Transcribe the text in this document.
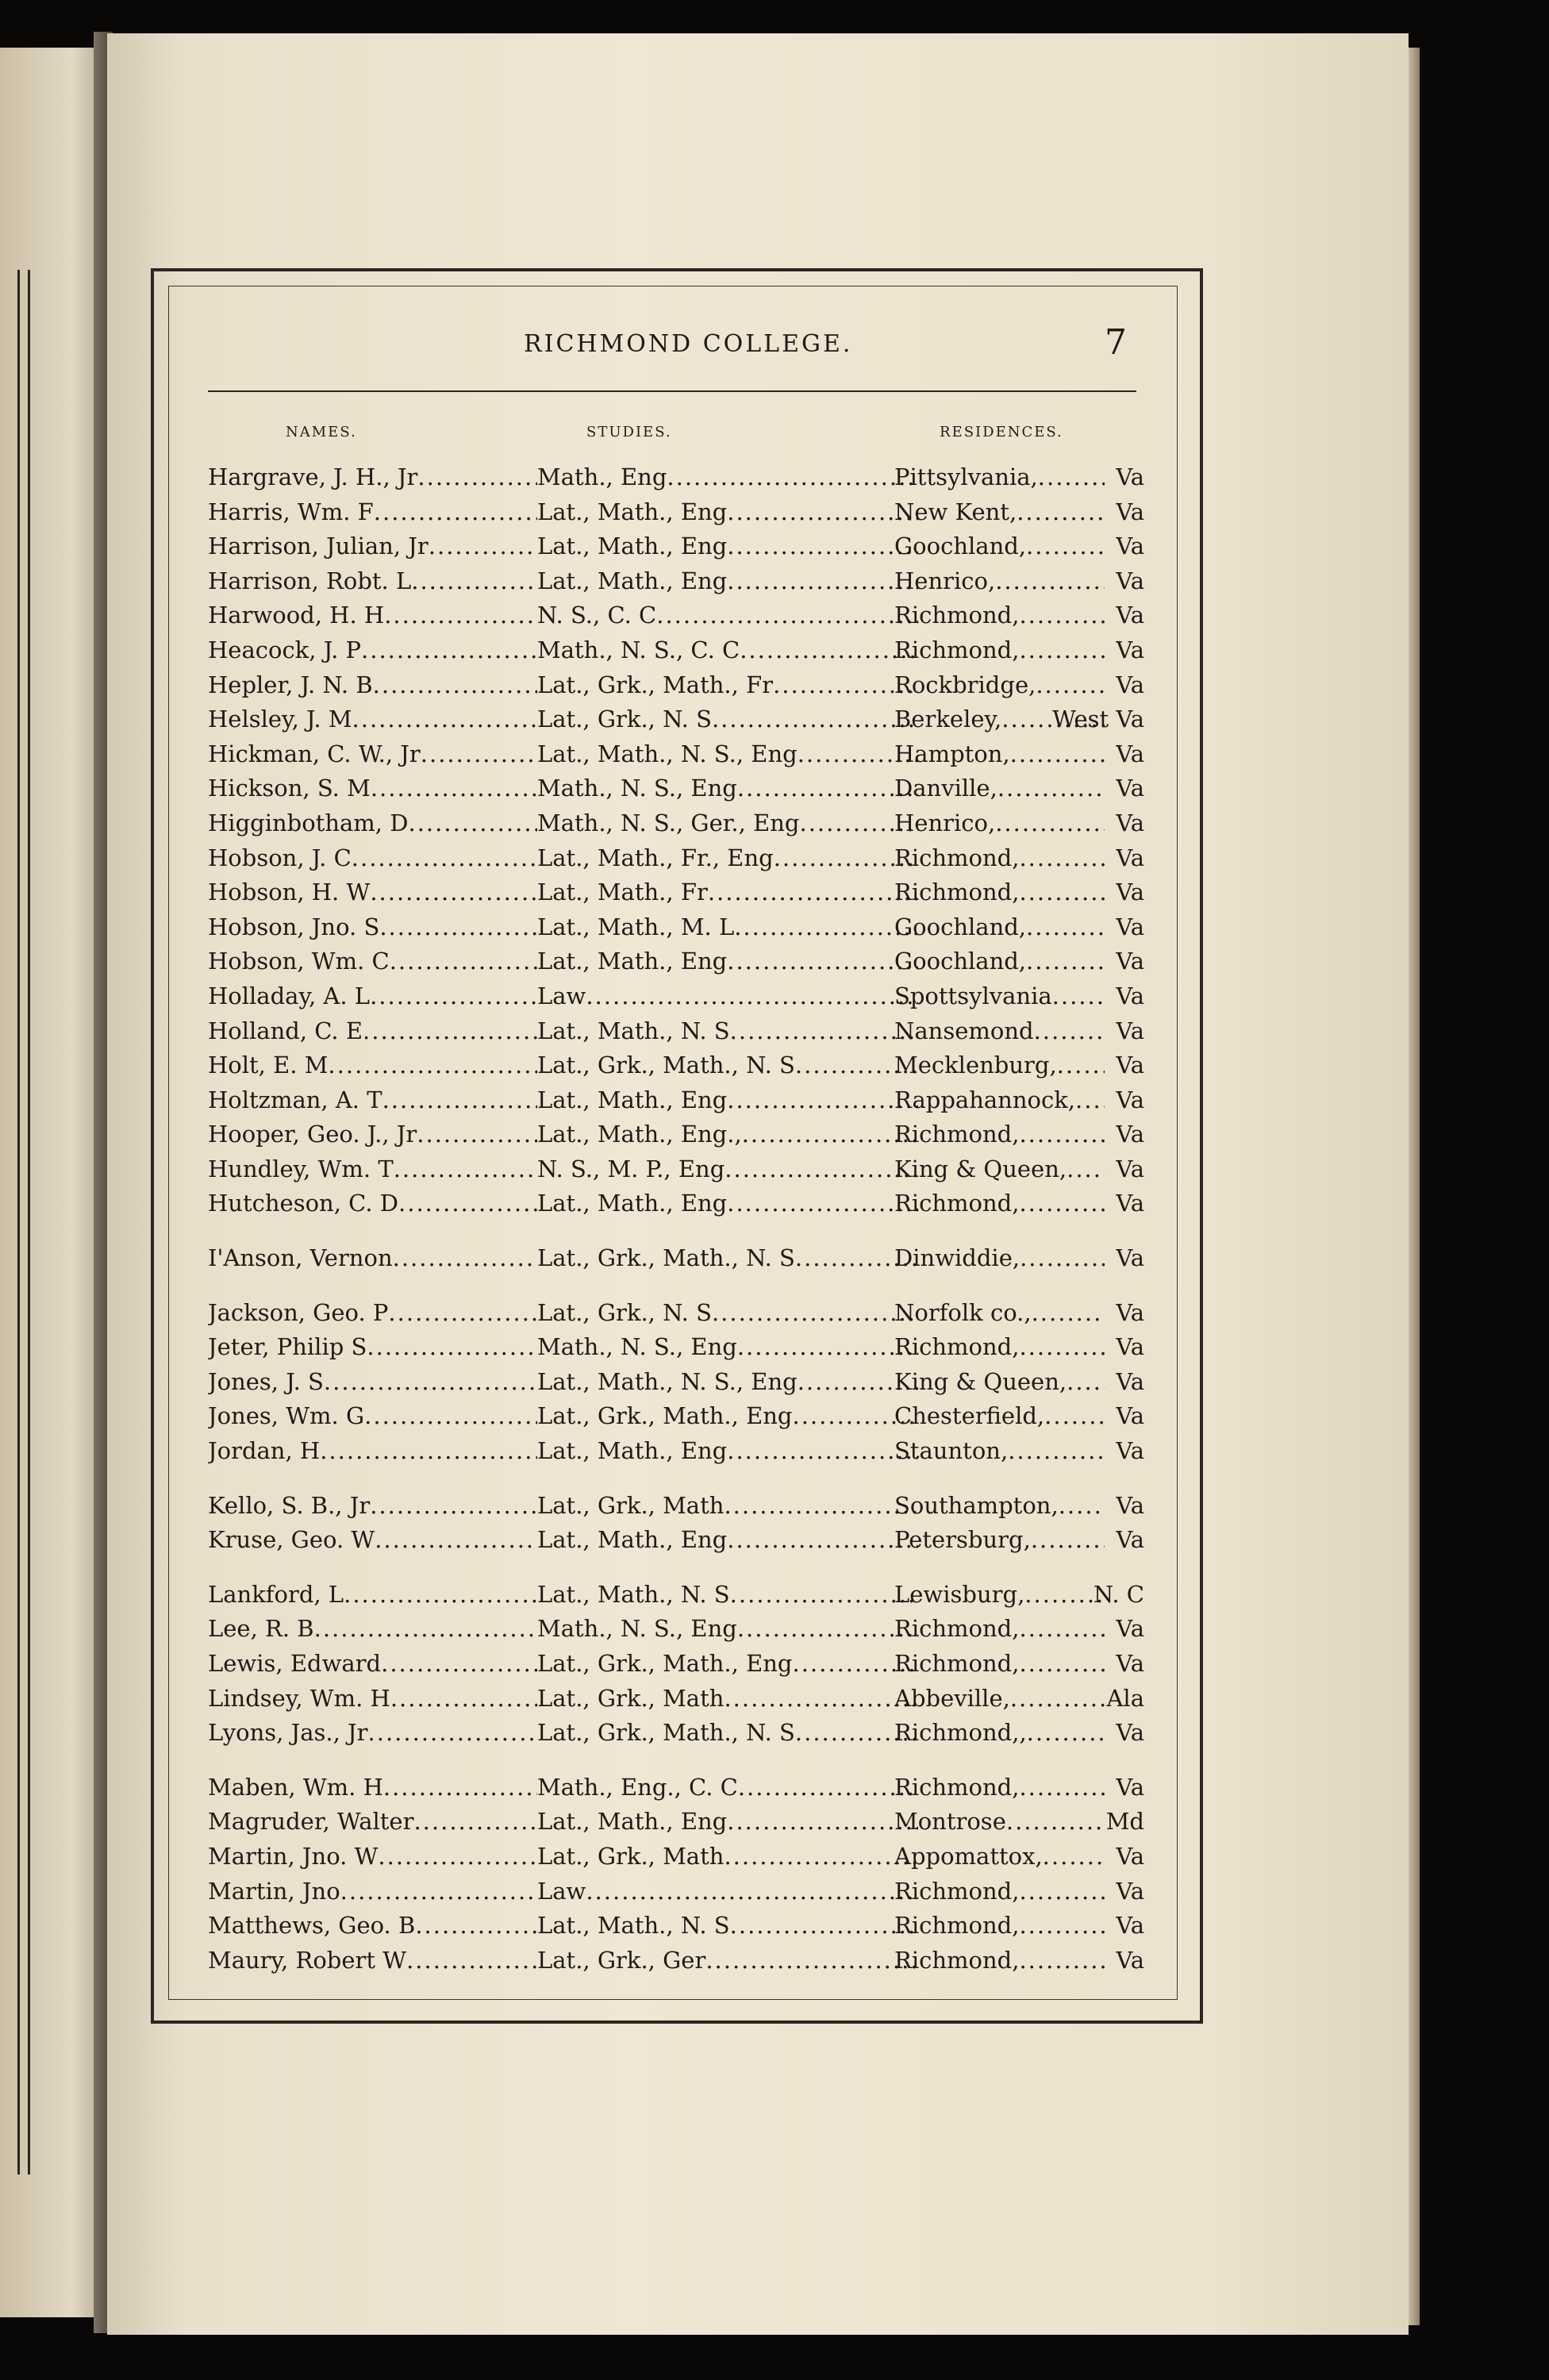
RICHMOND COLLEGE.	7
NAMES.	STUDIES.	RESIDENCES.
Hargrave, J. H., Jr .....	Math., Eng .....	Pittsylvania, .....	Va
Harris, Wm. F .....	Lat., Math., Eng .....	New Kent, .....	Va
Harrison, Julian, Jr .....	Lat., Math., Eng .....	Goochland, .....	Va
Harrison, Robt. L .....	Lat., Math., Eng .....	Henrico, .....	Va
Harwood, H. H .....	N. S., C. C .....	Richmond, .....	Va
Heacock, J. P .....	Math., N. S., C. C .....	Richmond, .....	Va
Hepler, J. N. B .....	Lat., Grk., Math., Fr .....	Rockbridge, .....	Va
Helsley, J. M .....	Lat., Grk., N. S .....	Berkeley, .....	West Va
Hickman, C. W., Jr .....	Lat., Math., N. S., Eng .....	Hampton, .....	Va
Hickson, S. M .....	Math., N. S., Eng .....	Danville, .....	Va
Higginbotham, D .....	Math., N. S., Ger., Eng .....	Henrico, .....	Va
Hobson, J. C .....	Lat., Math., Fr., Eng .....	Richmond, .....	Va
Hobson, H. W .....	Lat., Math., Fr .....	Richmond, .....	Va
Hobson, Jno. S .....	Lat., Math., M. L .....	Goochland, .....	Va
Hobson, Wm. C .....	Lat., Math., Eng .....	Goochland, .....	Va
Holladay, A. L .....	Law .....	Spottsylvania .....	Va
Holland, C. E .....	Lat., Math., N. S .....	Nansemond .....	Va
Holt, E. M .....	Lat., Grk., Math., N. S .....	Mecklenburg, .....	Va
Holtzman, A. T .....	Lat., Math., Eng .....	Rappahannock, .....	Va
Hooper, Geo. J., Jr .....	Lat., Math., Eng., .....	Richmond, .....	Va
Hundley, Wm. T .....	N. S., M. P., Eng .....	King & Queen, .....	Va
Hutcheson, C. D .....	Lat., Math., Eng .....	Richmond, .....	Va
I'Anson, Vernon .....	Lat., Grk., Math., N. S .....	Dinwiddie, .....	Va
Jackson, Geo. P .....	Lat., Grk., N. S .....	Norfolk co., .....	Va
Jeter, Philip S .....	Math., N. S., Eng .....	Richmond, .....	Va
Jones, J. S .....	Lat., Math., N. S., Eng .....	King & Queen, .....	Va
Jones, Wm. G .....	Lat., Grk., Math., Eng .....	Chesterfield, .....	Va
Jordan, H .....	Lat., Math., Eng .....	Staunton, .....	Va
Kello, S. B., Jr .....	Lat., Grk., Math .....	Southampton, .....	Va
Kruse, Geo. W .....	Lat., Math., Eng .....	Petersburg, .....	Va
Lankford, L .....	Lat., Math., N. S .....	Lewisburg, .....	N. C
Lee, R. B .....	Math., N. S., Eng .....	Richmond, .....	Va
Lewis, Edward .....	Lat., Grk., Math., Eng .....	Richmond, .....	Va
Lindsey, Wm. H .....	Lat., Grk., Math .....	Abbeville, .....	Ala
Lyons, Jas., Jr .....	Lat., Grk., Math., N. S .....	Richmond,, .....	Va
Maben, Wm. H .....	Math., Eng., C. C .....	Richmond, .....	Va
Magruder, Walter .....	Lat., Math., Eng .....	Montrose .....	Md
Martin, Jno. W .....	Lat., Grk., Math .....	Appomattox, .....	Va
Martin, Jno .....	Law .....	Richmond, .....	Va
Matthews, Geo. B .....	Lat., Math., N. S .....	Richmond, .....	Va
Maury, Robert W .....	Lat., Grk., Ger .....	Richmond, .....	Va
